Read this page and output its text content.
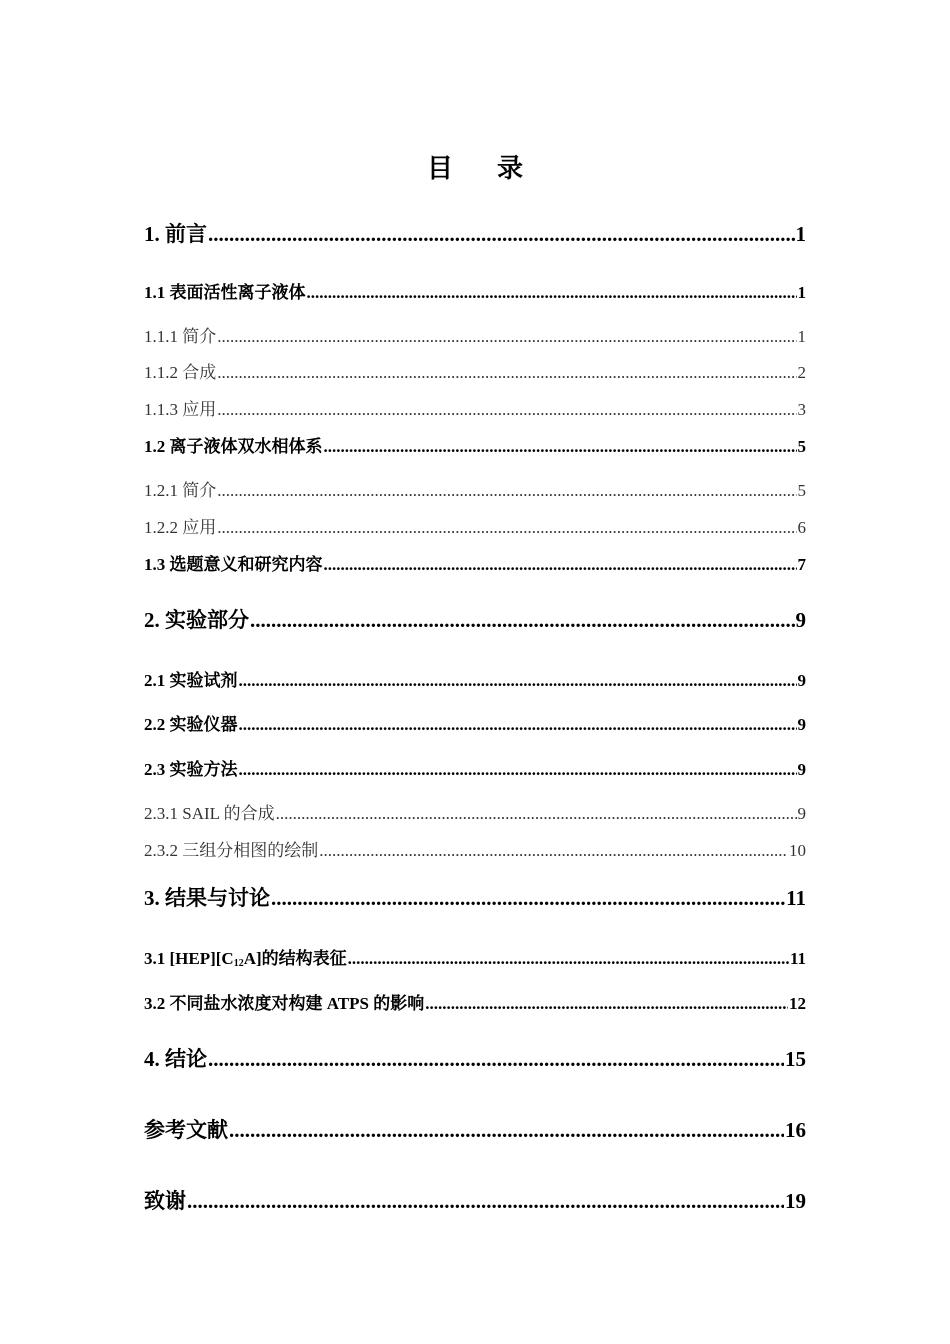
目录
1. 前言 .....	1
1.1 表面活性离子液体 .....	1
1.1.1 简介 .....	1
1.1.2 合成 .....	2
1.1.3 应用 .....	3
1.2 离子液体双水相体系 .....	5
1.2.1 简介 .....	5
1.2.2 应用 .....	6
1.3 选题意义和研究内容 .....	7
2. 实验部分 .....	9
2.1 实验试剂 .....	9
2.2 实验仪器 .....	9
2.3 实验方法 .....	9
2.3.1 SAIL 的合成 .....	9
2.3.2 三组分相图的绘制 .....	10
3. 结果与讨论 .....	11
3.1 $[HEP][C_{12}A]$的结构表征 .....	11
3.2 不同盐水浓度对构建 ATPS 的影响 .....	12
4. 结论 .....	15
参考文献 .....	16
致谢 .....	19
